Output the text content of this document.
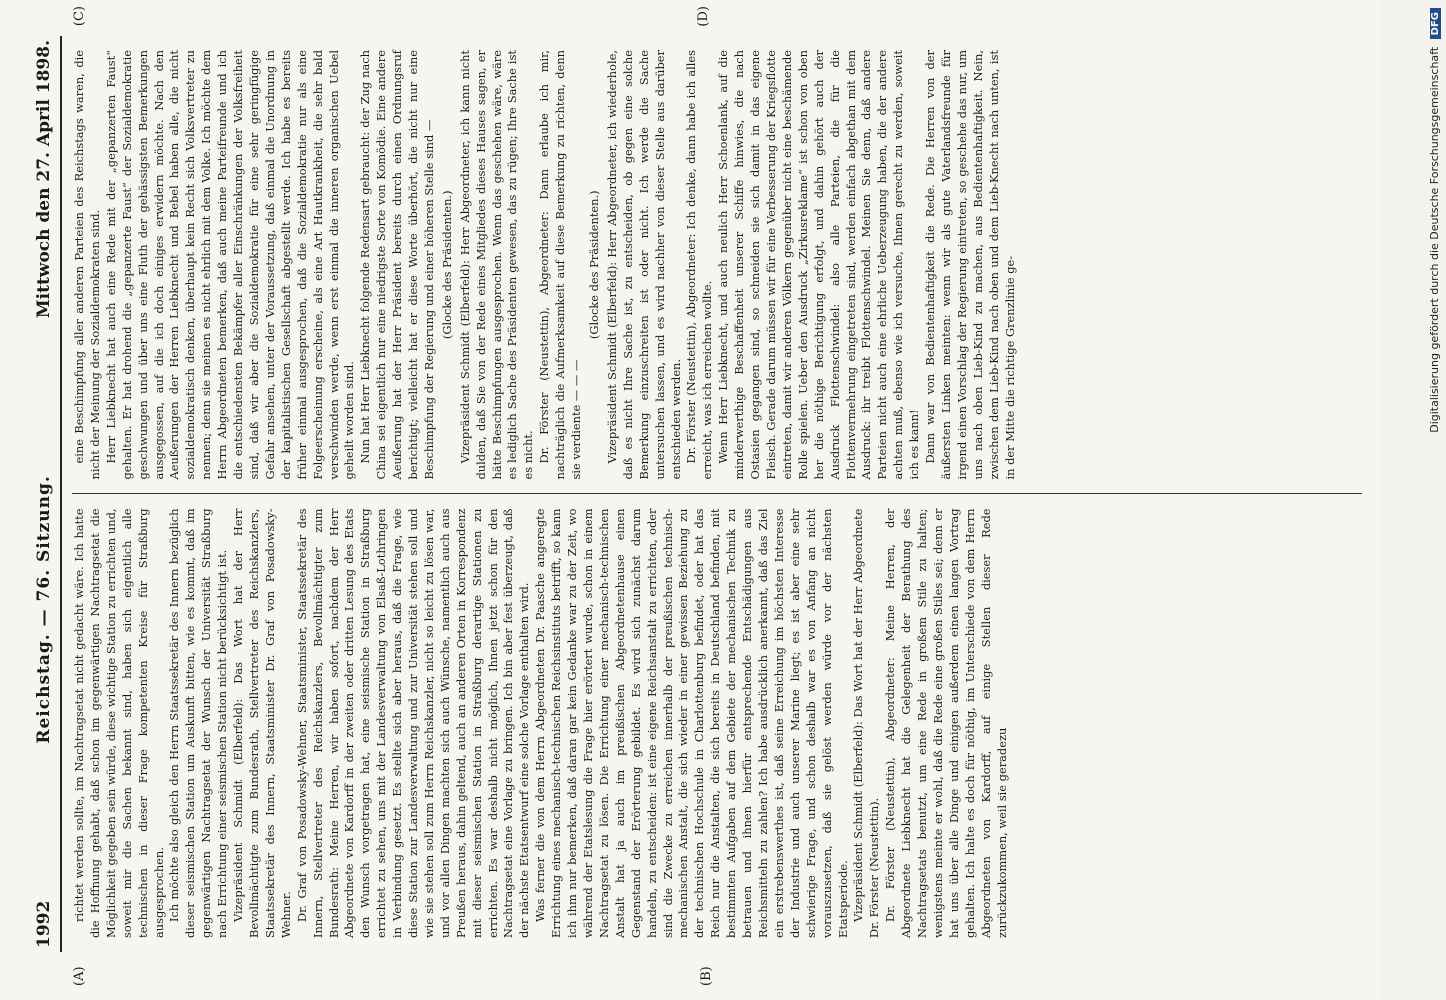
1992
Reichstag. — 76. Sitzung.
Mittwoch den 27. April 1898.
(A)	(B)

richtet werden sollte, im Nachtragsetat nicht gedacht wäre. Ich hatte die Hoffnung gehabt, daß schon im gegenwärtigen Nachtragsetat die Möglichkeit gegeben sein würde, diese wichtige Station zu errichten und, soweit mir die Sachen bekannt sind, haben sich eigentlich alle technischen in dieser Frage kompetenten Kreise für Straßburg ausgesprochen. Ich möchte also gleich den Herrn Staatssekretär des Innern bezüglich dieser seismischen Station um Auskunft bitten, wie es kommt, daß im gegenwärtigen Nachtragsetat der Wunsch der Universität Straßburg nach Errichtung einer seismischen Station nicht berücksichtigt ist. Vizepräsident Schmidt (Elberfeld): Das Wort hat der Herr Bevollmächtigte zum Bundesrath, Stellvertreter des Reichskanzlers, Staatssekretär des Innern, Staatsminister Dr. Graf von Posadowsky-Wehner. Dr. Graf von Posadowsky-Wehner, Staatsminister, Staatssekretär des Innern, Stellvertreter des Reichskanzlers, Bevollmächtigter zum Bundesrath: Meine Herren, wir haben sofort, nachdem der Herr Abgeordnete von Kardorff in der zweiten oder dritten Lesung des Etats den Wunsch vorgetragen hat, eine seismische Station in Straßburg errichtet zu sehen, uns mit der Landesverwaltung von Elsaß-Lothringen in Verbindung gesetzt. Es stellte sich aber heraus, daß die Frage, wie diese Station zur Landesverwaltung und zur Universität stehen soll und wie sie stehen soll zum Herrn Reichskanzler, nicht so leicht zu lösen war, und vor allen Dingen machten sich auch Wünsche, namentlich auch aus Preußen heraus, dahin geltend, auch an anderen Orten in Korrespondenz mit dieser seismischen Station in Straßburg derartige Stationen zu errichten. Es war deshalb nicht möglich, Ihnen jetzt schon für den Nachtragsetat eine Vorlage zu bringen. Ich bin aber fest überzeugt, daß der nächste Etatsentwurf eine solche Vorlage enthalten wird. Was ferner die von dem Herrn Abgeordneten Dr. Paasche angeregte Errichtung eines mechanisch-technischen Reichsinstituts betrifft, so kann ich ihm nur bemerken, daß daran gar kein Gedanke war zu der Zeit, wo während der Etatslesung die Frage hier erörtert wurde, schon in einem Nachtragsetat zu lösen. Die Errichtung einer mechanisch-technischen Anstalt hat ja auch im preußischen Abgeordnetenhause einen Gegenstand der Erörterung gebildet. Es wird sich zunächst darum handeln, zu entscheiden: ist eine eigene Reichsanstalt zu errichten, oder sind die Zwecke zu erreichen innerhalb der preußischen technisch-mechanischen Anstalt, die sich wieder in einer gewissen Beziehung zu der technischen Hochschule in Charlottenburg befindet, oder hat das Reich nur die Anstalten, die sich bereits in Deutschland befinden, mit bestimmten Aufgaben auf dem Gebiete der mechanischen Technik zu betrauen und ihnen hierfür entsprechende Entschädigungen aus Reichsmitteln zu zahlen? Ich habe ausdrücklich anerkannt, daß das Ziel ein erstrebenswerthes ist, daß seine Erreichung im höchsten Interesse der Industrie und auch unserer Marine liegt; es ist aber eine sehr schwierige Frage, und schon deshalb war es von Anfang an nicht vorauszusetzen, daß sie gelöst werden würde vor der nächsten Etatsperiode. Vizepräsident Schmidt (Elberfeld): Das Wort hat der Herr Abgeordnete Dr. Förster (Neustettin). Dr. Förster (Neustettin), Abgeordneter: Meine Herren, der Abgeordnete Liebknecht hat die Gelegenheit der Berathung des Nachtragsetats benutzt, um eine Rede in großem Stile zu halten; wenigstens meinte er wohl, daß die Rede eine großen Stiles sei; denn er hat uns über alle Dinge und einigen außerdem einen langen Vortrag gehalten. Ich halte es doch für nöthig, im Unterschiede von dem Herrn Abgeordneten von Kardorff, auf einige Stellen dieser Rede zurückzukommen, weil sie geradezu

(C)	(D)

eine Beschimpfung aller anderen Parteien des Reichstags waren, die nicht der Meinung der Sozialdemokraten sind. Herr Liebknecht hat auch eine Rede mit der „gepanzerten Faust“ gehalten. Er hat drohend die „gepanzerte Faust“ der Sozialdemokratie geschwungen und über uns eine Fluth der gehässigsten Bemerkungen ausgegossen, auf die ich doch einiges erwidern möchte. Nach den Aeußerungen der Herren Liebknecht und Bebel haben alle, die nicht sozialdemokratisch denken, überhaupt kein Recht sich Volksvertreter zu nennen; denn sie meinen es nicht ehrlich mit dem Volke. Ich möchte dem Herrn Abgeordneten bemerken, daß auch meine Parteifreunde und ich die entschiedensten Bekämpfer aller Einschränkungen der Volksfreiheit sind, daß wir aber die Sozialdemokratie für eine sehr geringfügige Gefahr ansehen, unter der Voraussetzung, daß einmal die Unordnung in der kapitalistischen Gesellschaft abgestellt werde. Ich habe es bereits früher einmal ausgesprochen, daß die Sozialdemokratie nur als eine Folgeerscheinung erscheine, als eine Art Hautkrankheit, die sehr bald verschwinden werde, wenn erst einmal die inneren organischen Uebel geheilt worden sind. Nun hat Herr Liebknecht folgende Redensart gebraucht: der Zug nach China sei eigentlich nur eine niedrigste Sorte von Komödie. Eine andere Aeußerung hat der Herr Präsident bereits durch einen Ordnungsruf berichtigt; vielleicht hat er diese Worte überhört, die nicht nur eine Beschimpfung der Regierung und einer höheren Stelle sind — (Glocke des Präsidenten.) Vizepräsident Schmidt (Elberfeld): Herr Abgeordneter, ich kann nicht dulden, daß Sie von der Rede eines Mitgliedes dieses Hauses sagen, er hätte Beschimpfungen ausgesprochen. Wenn das geschehen wäre, wäre es lediglich Sache des Präsidenten gewesen, das zu rügen; Ihre Sache ist es nicht. Dr. Förster (Neustettin), Abgeordneter: Dann erlaube ich mir, nachträglich die Aufmerksamkeit auf diese Bemerkung zu richten, denn sie verdiente — — —

(Glocke des Präsidenten.) Vizepräsident Schmidt (Elberfeld): Herr Abgeordneter, ich wiederhole, daß es nicht Ihre Sache ist, zu entscheiden, ob gegen eine solche Bemerkung einzuschreiten ist oder nicht. Ich werde die Sache untersuchen lassen, und es wird nachher von dieser Stelle aus darüber entschieden werden. Dr. Förster (Neustettin), Abgeordneter: Ich denke, dann habe ich alles erreicht, was ich erreichen wollte. Wenn Herr Liebknecht, und auch neulich Herr Schoenlank, auf die minderwerthige Beschaffenheit unserer Schiffe hinwies, die nach Ostasien gegangen sind, so schneiden sie sich damit in das eigene Fleisch. Gerade darum müssen wir für eine Verbesserung der Kriegsflotte eintreten, damit wir anderen Völkern gegenüber nicht eine beschämende Rolle spielen. Ueber den Ausdruck „Zirkusreklame“ ist schon von oben her die nöthige Berichtigung erfolgt, und dahin gehört auch der Ausdruck Flottenschwindel: also alle Parteien, die für die Flottenvermehrung eingetreten sind, werden einfach abgethan mit dem Ausdruck: ihr treibt Flottenschwindel. Meinen Sie denn, daß andere Parteien nicht auch eine ehrliche Ueberzeugung haben, die der andere achten muß, ebenso wie ich versuche, Ihnen gerecht zu werden, soweit ich es kann! Dann war von Bedientenhaftigkeit die Rede. Die Herren von der äußersten Linken meinten: wenn wir als gute Vaterlandsfreunde für irgend einen Vorschlag der Regierung eintreten, so geschehe das nur, um uns nach oben Lieb-Kind zu machen, aus Bedientenhaftigkeit. Nein, zwischen dem Lieb-Kind nach oben und dem Lieb-Knecht nach unten, ist in der Mitte die richtige Grenzlinie ge-	Digitalisierung gefördert durch die Deutsche Forschungsgemeinschaft DFG
